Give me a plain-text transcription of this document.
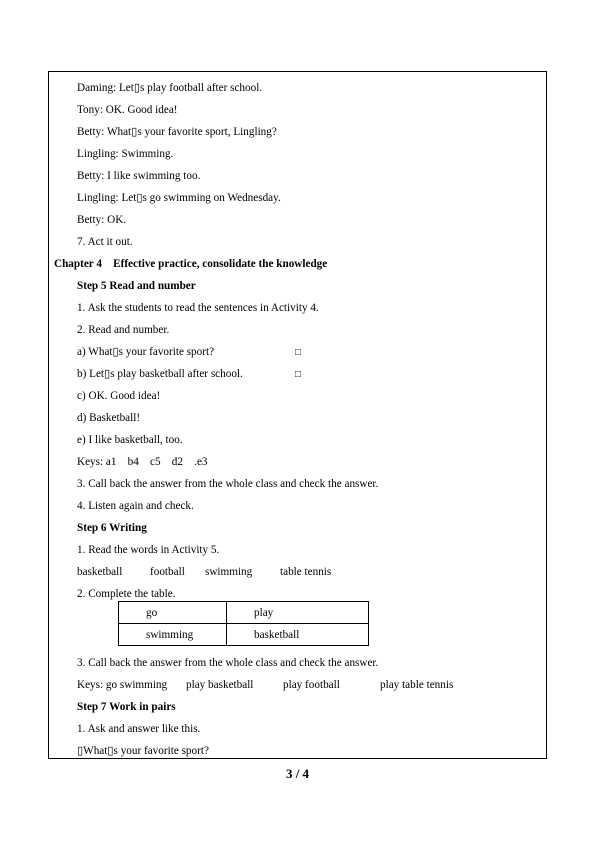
Daming: Let▯s play football after school.
Tony: OK. Good idea!
Betty: What▯s your favorite sport, Lingling?
Lingling: Swimming.
Betty: I like swimming too.
Lingling: Let▯s go swimming on Wednesday.
Betty: OK.
7. Act it out.
Chapter 4    Effective practice, consolidate the knowledge
Step 5 Read and number
1. Ask the students to read the sentences in Activity 4.
2. Read and number.
a) What▯s your favorite sport?	□
b) Let▯s play basketball after school.	□
c) OK. Good idea!
d) Basketball!
e) I like basketball, too.
Keys: a1    b4    c5    d2    .e3
3. Call back the answer from the whole class and check the answer.
4. Listen again and check.
Step 6 Writing
1. Read the words in Activity 5.
basketball football swimming table tennis
2. Complete the table.
go	play
swimming	basketball
3. Call back the answer from the whole class and check the answer.
Keys: go swimming play basketball	play football	play table tennis
Step 7 Work in pairs
1. Ask and answer like this.
▯What▯s your favorite sport?
3 / 4
